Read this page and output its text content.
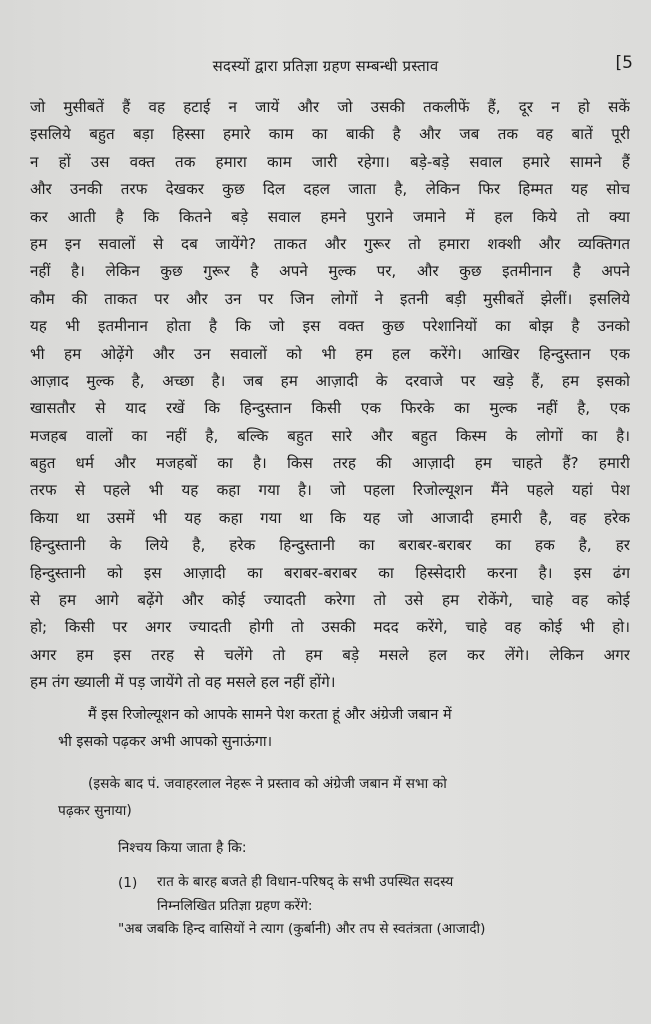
सदस्यों द्वारा प्रतिज्ञा ग्रहण सम्बन्धी प्रस्ताव	[5
जो मुसीबतें हैं वह हटाई न जायें और जो उसकी तकलीफें हैं, दूर न हो सकें
इसलिये बहुत बड़ा हिस्सा हमारे काम का बाकी है और जब तक वह बातें पूरी
न हों उस वक्त तक हमारा काम जारी रहेगा। बड़े-बड़े सवाल हमारे सामने हैं
और उनकी तरफ देखकर कुछ दिल दहल जाता है, लेकिन फिर हिम्मत यह सोच
कर आती है कि कितने बड़े सवाल हमने पुराने जमाने में हल किये तो क्या
हम इन सवालों से दब जायेंगे? ताकत और गुरूर तो हमारा शक्शी और व्यक्तिगत
नहीं है। लेकिन कुछ गुरूर है अपने मुल्क पर, और कुछ इतमीनान है अपने
कौम की ताकत पर और उन पर जिन लोगों ने इतनी बड़ी मुसीबतें झेलीं। इसलिये
यह भी इतमीनान होता है कि जो इस वक्त कुछ परेशानियों का बोझ है उनको
भी हम ओढ़ेंगे और उन सवालों को भी हम हल करेंगे। आखिर हिन्दुस्तान एक
आज़ाद मुल्क है, अच्छा है। जब हम आज़ादी के दरवाजे पर खड़े हैं, हम इसको
खासतौर से याद रखें कि हिन्दुस्तान किसी एक फिरके का मुल्क नहीं है, एक
मजहब वालों का नहीं है, बल्कि बहुत सारे और बहुत किस्म के लोगों का है।
बहुत धर्म और मजहबों का है। किस तरह की आज़ादी हम चाहते हैं? हमारी
तरफ से पहले भी यह कहा गया है। जो पहला रिजोल्यूशन मैंने पहले यहां पेश
किया था उसमें भी यह कहा गया था कि यह जो आजादी हमारी है, वह हरेक
हिन्दुस्तानी के लिये है, हरेक हिन्दुस्तानी का बराबर-बराबर का हक है, हर
हिन्दुस्तानी को इस आज़ादी का बराबर-बराबर का हिस्सेदारी करना है। इस ढंग
से हम आगे बढ़ेंगे और कोई ज्यादती करेगा तो उसे हम रोकेंगे, चाहे वह कोई
हो; किसी पर अगर ज्यादती होगी तो उसकी मदद करेंगे, चाहे वह कोई भी हो।
अगर हम इस तरह से चलेंगे तो हम बड़े मसले हल कर लेंगे। लेकिन अगर
हम तंग ख्याली में पड़ जायेंगे तो वह मसले हल नहीं होंगे।
मैं इस रिजोल्यूशन को आपके सामने पेश करता हूं और अंग्रेजी जबान में
भी इसको पढ़कर अभी आपको सुनाऊंगा।
(इसके बाद पं. जवाहरलाल नेहरू ने प्रस्ताव को अंग्रेजी जबान में सभा को
पढ़कर सुनाया)
निश्चय किया जाता है कि:
(1) रात के बारह बजते ही विधान-परिषद् के सभी उपस्थित सदस्य
निम्नलिखित प्रतिज्ञा ग्रहण करेंगे:
"अब जबकि हिन्द वासियों ने त्याग (कुर्बानी) और तप से स्वतंत्रता (आजादी)
